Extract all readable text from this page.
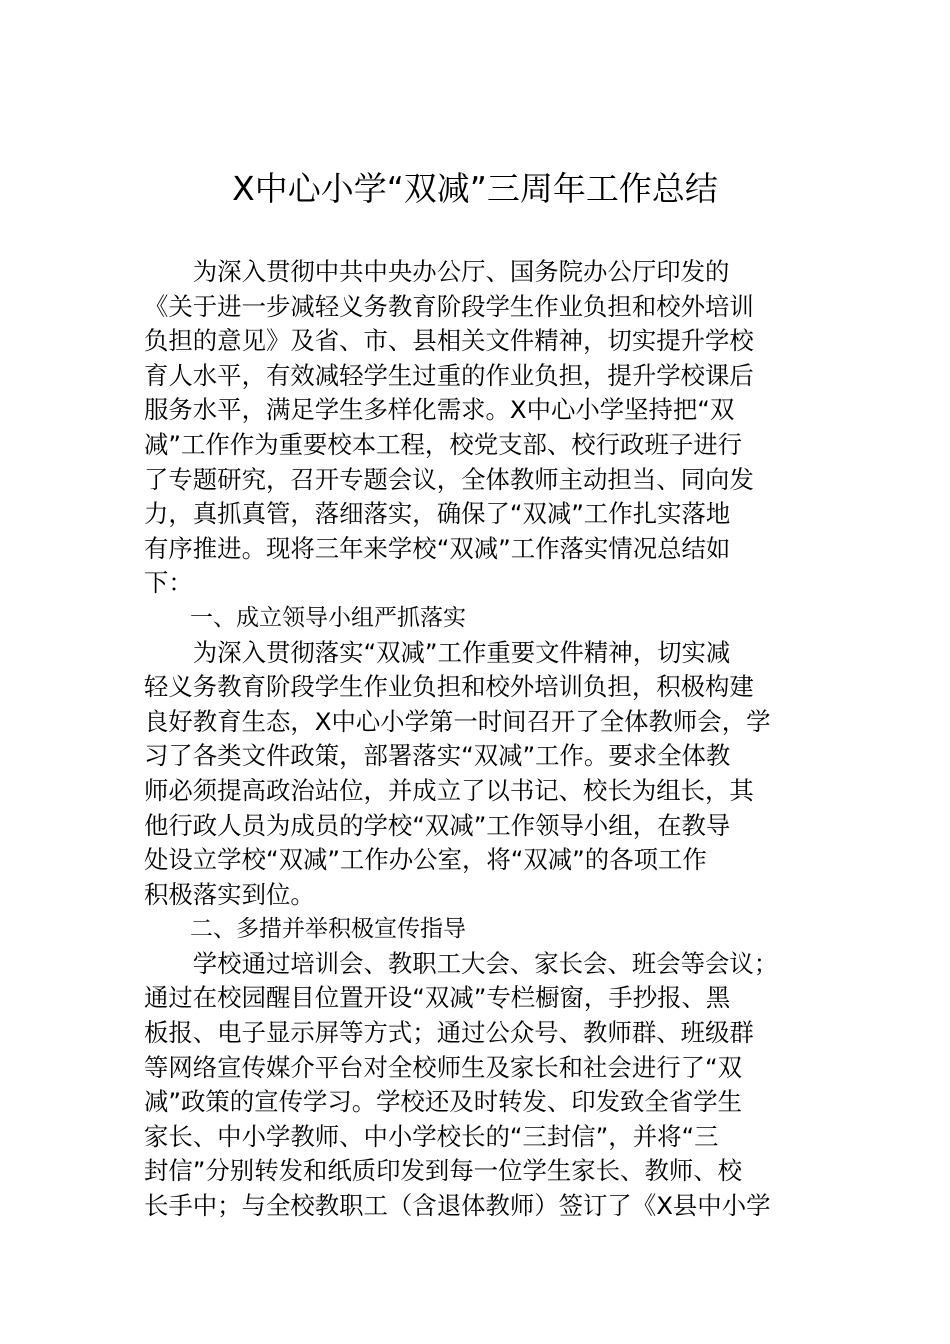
X中心小学“双减”三周年工作总结
　　为深入贯彻中共中央办公厅、国务院办公厅印发的
《关于进一步减轻义务教育阶段学生作业负担和校外培训
负担的意见》及省、市、县相关文件精神，切实提升学校
育人水平，有效减轻学生过重的作业负担，提升学校课后
服务水平，满足学生多样化需求。X中心小学坚持把“双
减”工作作为重要校本工程，校党支部、校行政班子进行
了专题研究，召开专题会议，全体教师主动担当、同向发
力，真抓真管，落细落实，确保了“双减”工作扎实落地
有序推进。现将三年来学校“双减”工作落实情况总结如
下：
　　一、成立领导小组严抓落实
　　为深入贯彻落实“双减”工作重要文件精神，切实减
轻义务教育阶段学生作业负担和校外培训负担，积极构建
良好教育生态，X中心小学第一时间召开了全体教师会，学
习了各类文件政策，部署落实“双减”工作。要求全体教
师必须提高政治站位，并成立了以书记、校长为组长，其
他行政人员为成员的学校“双减”工作领导小组，在教导
处设立学校“双减”工作办公室，将“双减”的各项工作
积极落实到位。
　　二、多措并举积极宣传指导
　　学校通过培训会、教职工大会、家长会、班会等会议；
通过在校园醒目位置开设“双减”专栏橱窗，手抄报、黑
板报、电子显示屏等方式；通过公众号、教师群、班级群
等网络宣传媒介平台对全校师生及家长和社会进行了“双
减”政策的宣传学习。学校还及时转发、印发致全省学生
家长、中小学教师、中小学校长的“三封信”，并将“三
封信”分别转发和纸质印发到每一位学生家长、教师、校
长手中；与全校教职工（含退体教师）签订了《X县中小学
